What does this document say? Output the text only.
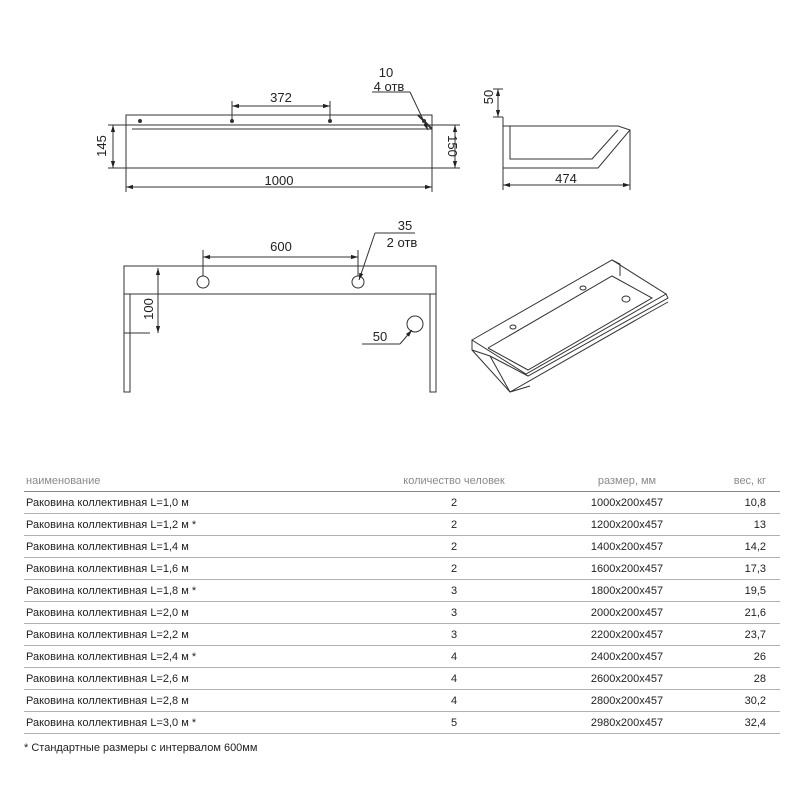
372
10
4 отв
1000
145	150
50
474
600
35
2 отв
100
50
наименование	количество человек	размер, мм	вес, кг
Раковина коллективная L=1,0 м	2	1000x200x457	10,8
Раковина коллективная L=1,2 м *	2	1200x200x457	13
Раковина коллективная L=1,4 м	2	1400x200x457	14,2
Раковина коллективная L=1,6 м	2	1600x200x457	17,3
Раковина коллективная L=1,8 м *	3	1800x200x457	19,5
Раковина коллективная L=2,0 м	3	2000x200x457	21,6
Раковина коллективная L=2,2 м	3	2200x200x457	23,7
Раковина коллективная L=2,4 м *	4	2400x200x457	26
Раковина коллективная L=2,6 м	4	2600x200x457	28
Раковина коллективная L=2,8 м	4	2800x200x457	30,2
Раковина коллективная L=3,0 м *	5	2980x200x457	32,4
* Стандартные размеры с интервалом 600мм
